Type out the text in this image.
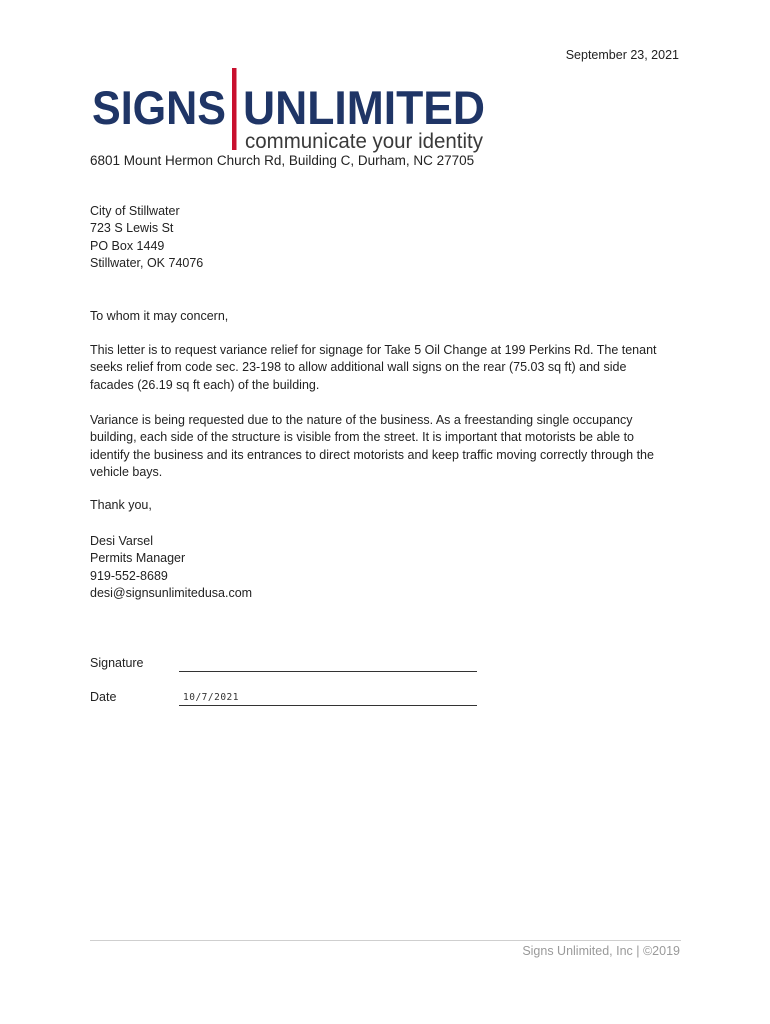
September 23, 2021
SIGNS UNLIMITED
communicate your identity
6801 Mount Hermon Church Rd, Building C, Durham, NC 27705
City of Stillwater
723 S Lewis St
PO Box 1449
Stillwater, OK 74076
To whom it may concern,
This letter is to request variance relief for signage for Take 5 Oil Change at 199 Perkins Rd. The tenant
seeks relief from code sec. 23-198 to allow additional wall signs on the rear (75.03 sq ft) and side
facades (26.19 sq ft each) of the building.
Variance is being requested due to the nature of the business. As a freestanding single occupancy
building, each side of the structure is visible from the street. It is important that motorists be able to
identify the business and its entrances to direct motorists and keep traffic moving correctly through the
vehicle bays.
Thank you,
Desi Varsel
Permits Manager
919-552-8689
desi@signsunlimitedusa.com
Signature
Date	10/7/2021
Signs Unlimited, Inc | ©2019
